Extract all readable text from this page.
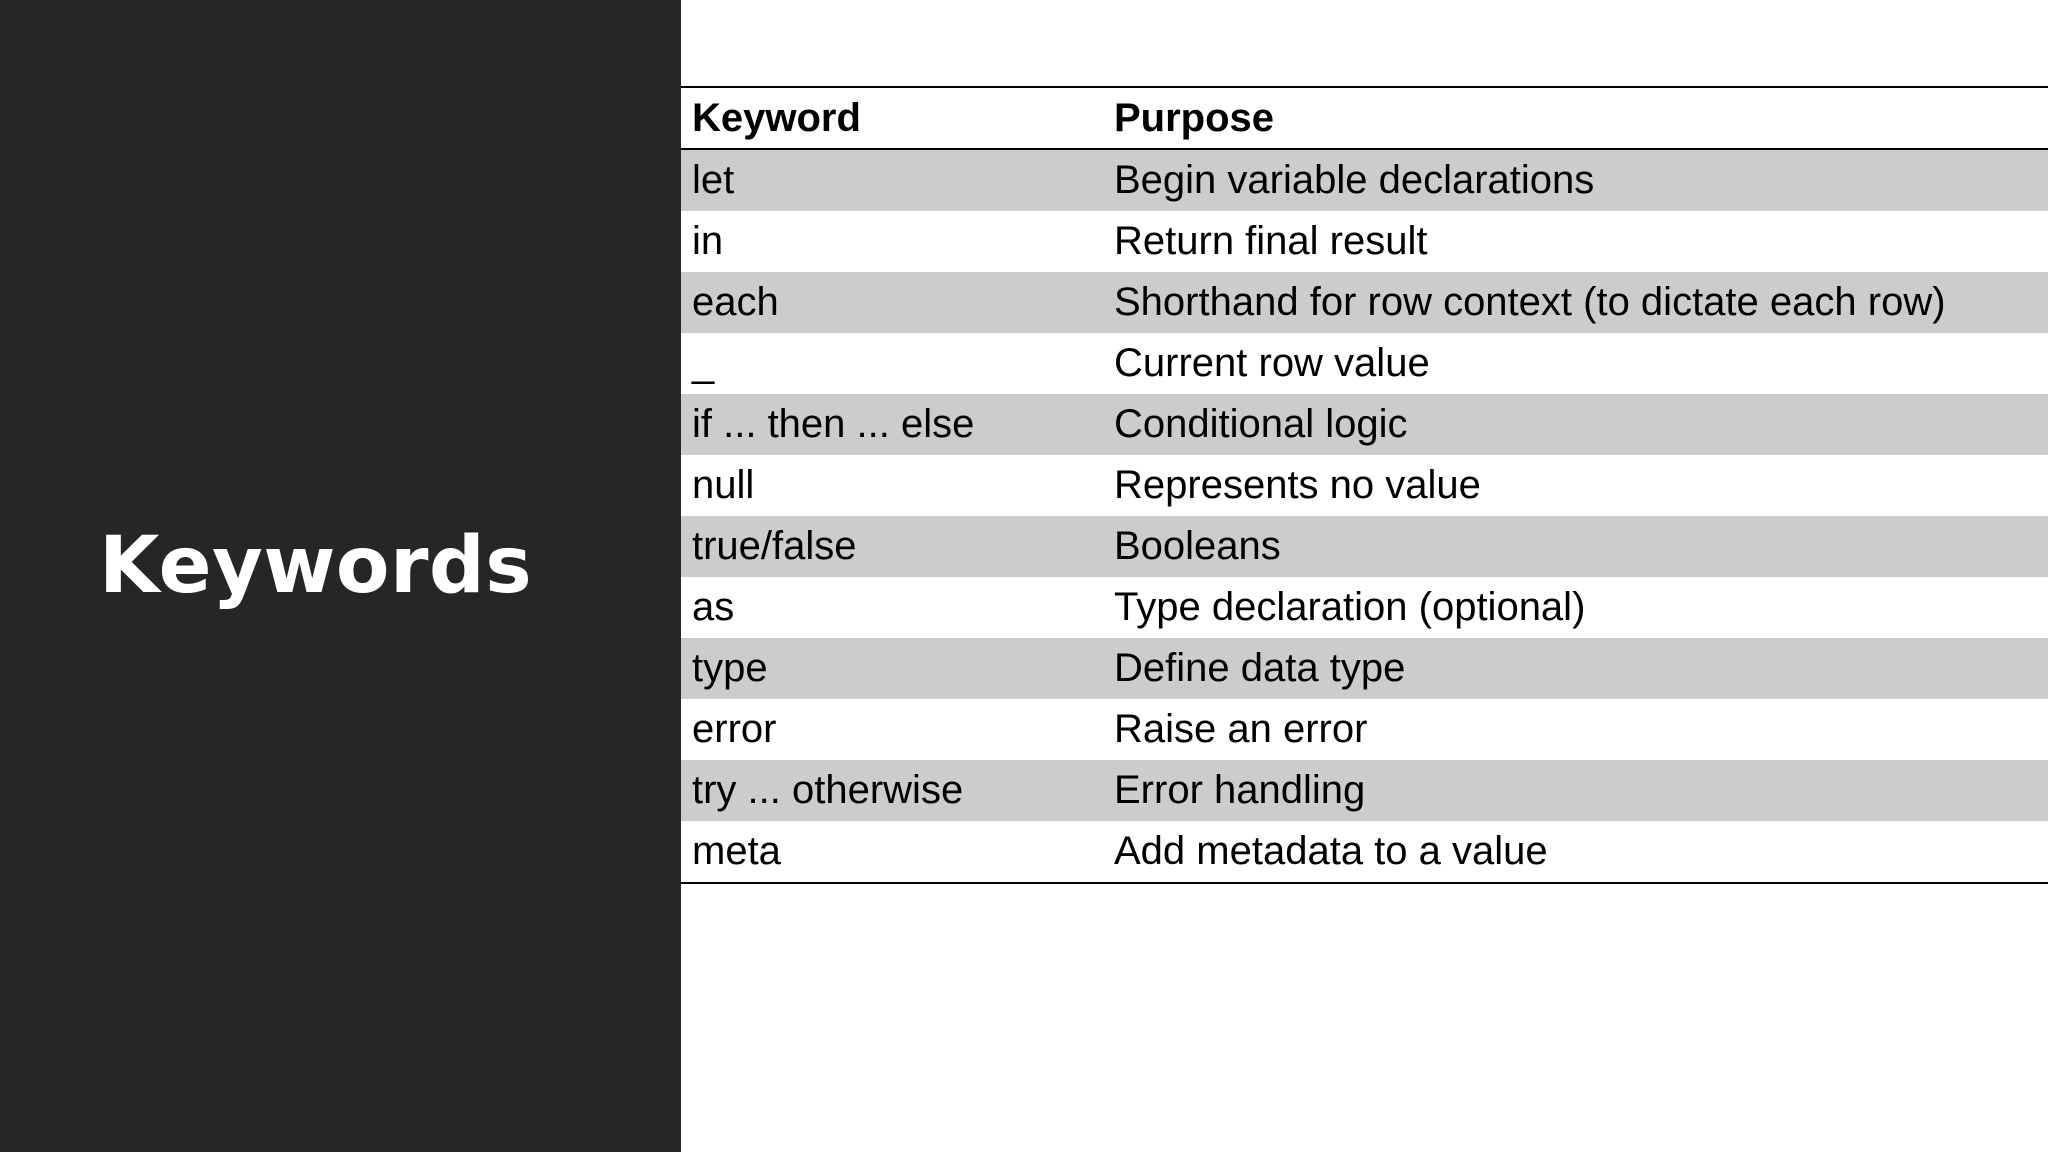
Keywords
Keyword	Purpose
let	Begin variable declarations
in	Return final result
each	Shorthand for row context (to dictate each row)
_	Current row value
if ... then ... else	Conditional logic
null	Represents no value
true/false	Booleans
as	Type declaration (optional)
type	Define data type
error	Raise an error
try ... otherwise	Error handling
meta	Add metadata to a value
